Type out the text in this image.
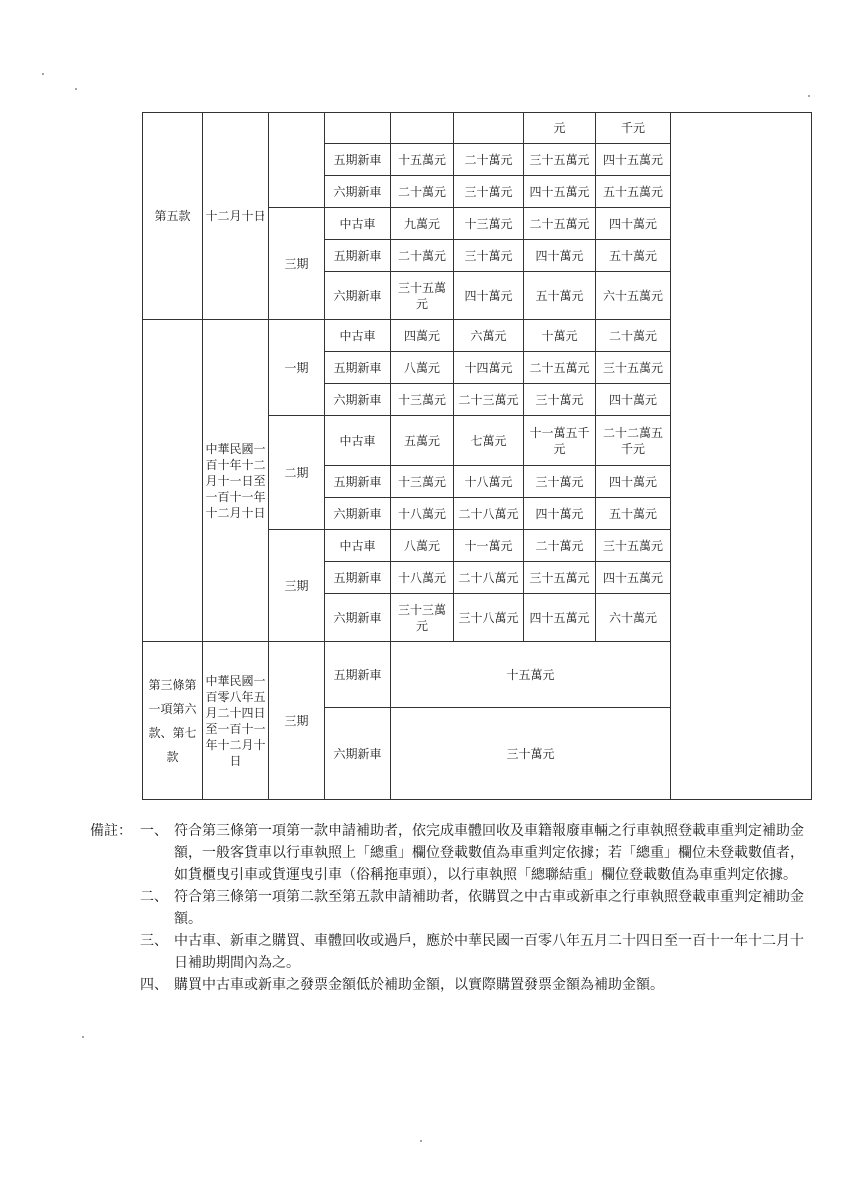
第五款	十二月十日					元	千元		
			五期新車	十五萬元	二十萬元	三十五萬元	四十五萬元		
			六期新車	二十萬元	三十萬元	四十五萬元	五十五萬元		
		三期	中古車	九萬元	十三萬元	二十五萬元	四十萬元		
			五期新車	二十萬元	三十萬元	四十萬元	五十萬元		
			六期新車	三十五萬元	四十萬元	五十萬元	六十五萬元		
	中華民國一百十年十二月十一日至一百十一年十二月十日	一期	中古車	四萬元	六萬元	十萬元	二十萬元		
			五期新車	八萬元	十四萬元	二十五萬元	三十五萬元		
			六期新車	十三萬元	二十三萬元	三十萬元	四十萬元		
		二期	中古車	五萬元	七萬元	十一萬五千元	二十二萬五千元		
			五期新車	十三萬元	十八萬元	三十萬元	四十萬元		
			六期新車	十八萬元	二十八萬元	四十萬元	五十萬元		
		三期	中古車	八萬元	十一萬元	二十萬元	三十五萬元		
			五期新車	十八萬元	二十八萬元	三十五萬元	四十五萬元		
			六期新車	三十三萬元	三十八萬元	四十五萬元	六十萬元		
第三條第一項第六款、第七款	中華民國一百零八年五月二十四日至一百十一年十二月十日	三期	五期新車	十五萬元					
			六期新車	三十萬元					
備註： 一、 符合第三條第一項第一款申請補助者，依完成車體回收及車籍報廢車輛之行車執照登載車重判定補助金額，一般客貨車以行車執照上「總重」欄位登載數值為車重判定依據；若「總重」欄位未登載數值者，如貨櫃曳引車或貨運曳引車（俗稱拖車頭），以行車執照「總聯結重」欄位登載數值為車重判定依據。
二、 符合第三條第一項第二款至第五款申請補助者，依購買之中古車或新車之行車執照登載車重判定補助金額。
三、 中古車、新車之購買、車體回收或過戶，應於中華民國一百零八年五月二十四日至一百十一年十二月十日補助期間內為之。
四、 購買中古車或新車之發票金額低於補助金額，以實際購置發票金額為補助金額。
